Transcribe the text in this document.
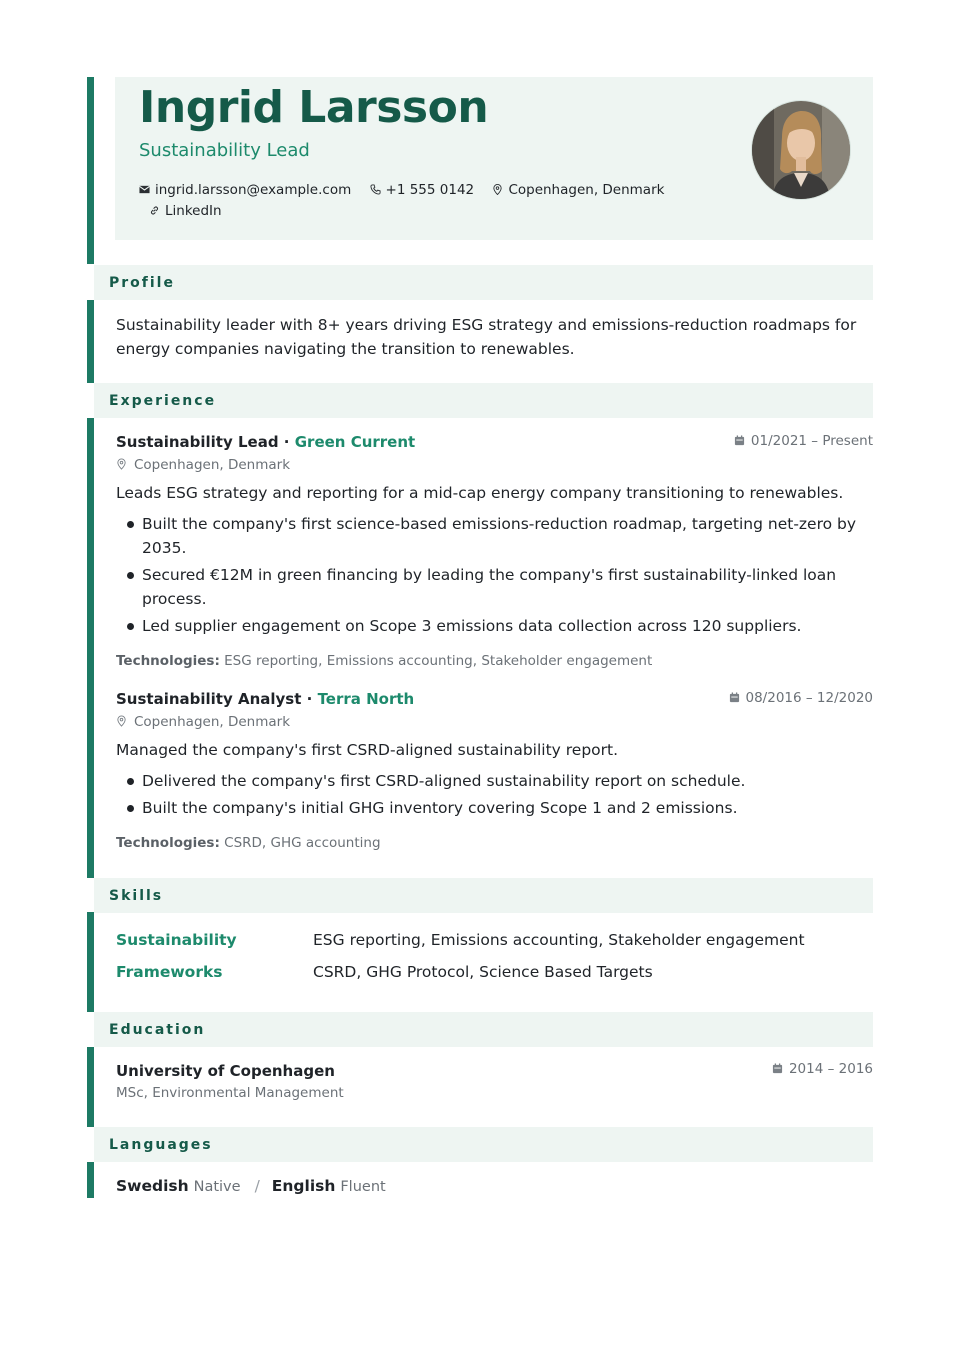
Ingrid Larsson
Sustainability Lead
ingrid.larsson@example.com	+1 555 0142	Copenhagen, Denmark
LinkedIn
Profile
Sustainability leader with 8+ years driving ESG strategy and emissions-reduction roadmaps for energy companies navigating the transition to renewables.
Experience
Sustainability Lead · Green Current	01/2021 – Present
Copenhagen, Denmark
Leads ESG strategy and reporting for a mid-cap energy company transitioning to renewables.
Built the company's first science-based emissions-reduction roadmap, targeting net-zero by 2035.
Secured €12M in green financing by leading the company's first sustainability-linked loan process.
Led supplier engagement on Scope 3 emissions data collection across 120 suppliers.
Technologies: ESG reporting, Emissions accounting, Stakeholder engagement
Sustainability Analyst · Terra North	08/2016 – 12/2020
Copenhagen, Denmark
Managed the company's first CSRD-aligned sustainability report.
Delivered the company's first CSRD-aligned sustainability report on schedule.
Built the company's initial GHG inventory covering Scope 1 and 2 emissions.
Technologies: CSRD, GHG accounting
Skills
Sustainability	ESG reporting, Emissions accounting, Stakeholder engagement
Frameworks	CSRD, GHG Protocol, Science Based Targets
Education
University of Copenhagen	2014 – 2016
MSc, Environmental Management
Languages
Swedish Native / English Fluent
